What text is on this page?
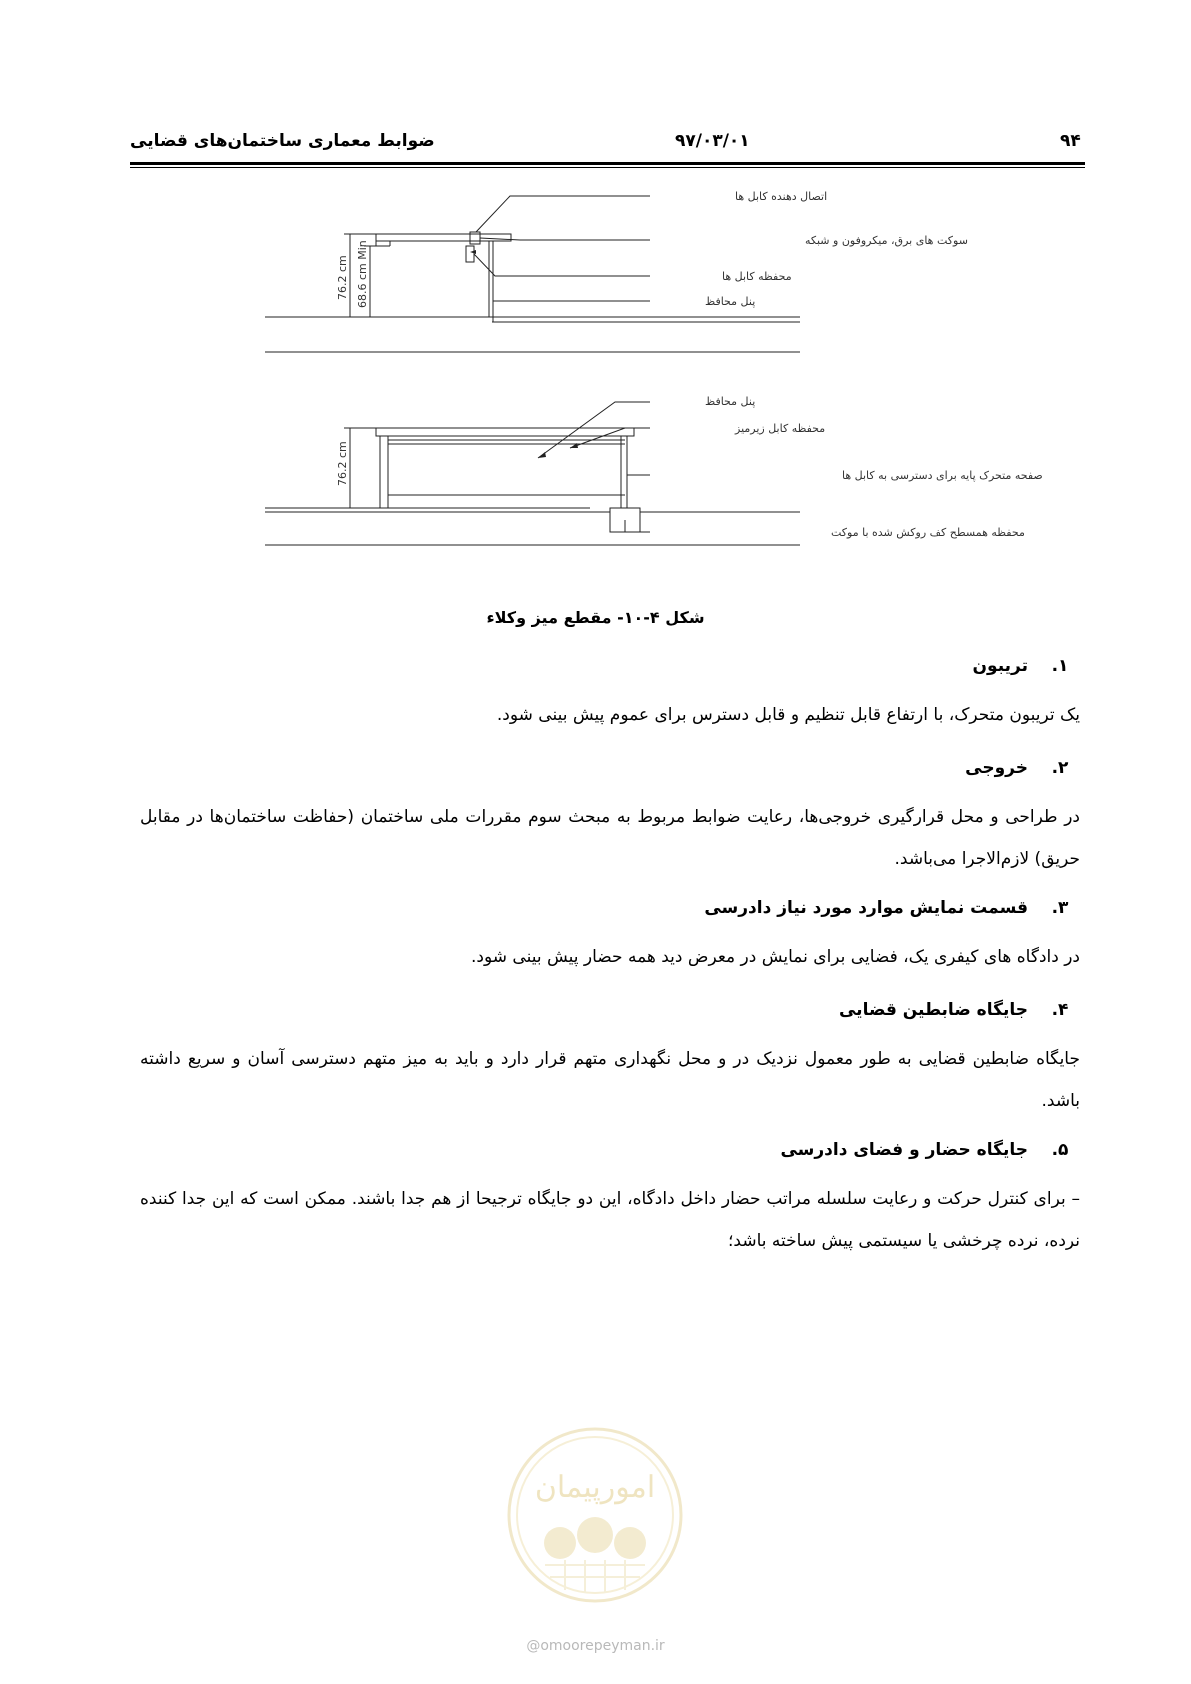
۹۴
۹۷/۰۳/۰۱
ضوابط معماری ساختمان‌های قضایی
اتصال دهنده کابل ها
سوکت های برق، میکروفون و شبکه
محفظه کابل ها
پنل محافظ
76.2 cm 68.6 cm Min
پنل محافظ
محفظه کابل زیرمیز
صفحه متحرک پایه برای دسترسی به کابل ها
محفظه همسطح کف روکش شده با موکت
76.2 cm
شکل ۴-۱۰- مقطع میز وکلاء
۱.تریبون
یک تریبون متحرک، با ارتفاع قابل تنظیم و قابل دسترس برای عموم پیش بینی شود.
۲.خروجی
در طراحی و محل قرارگیری خروجی‌ها، رعایت ضوابط مربوط به مبحث سوم مقررات ملی ساختمان (حفاظت ساختمان‌ها در مقابل حریق) لازم‌الاجرا می‌باشد.
۳.قسمت نمایش موارد مورد نیاز دادرسی
در دادگاه های کیفری یک، فضایی برای نمایش در معرض دید همه حضار پیش بینی شود.
۴.جایگاه ضابطین قضایی
جایگاه ضابطین قضایی به طور معمول نزدیک در و محل نگهداری متهم قرار دارد و باید به میز متهم دسترسی آسان و سریع داشته باشد.
۵.جایگاه حضار و فضای دادرسی
– برای کنترل حرکت و رعایت سلسله مراتب حضار داخل دادگاه، این دو جایگاه ترجیحا از هم جدا باشند. ممکن است که این جدا کننده نرده، نرده چرخشی یا سیستمی پیش ساخته باشد؛
امورپیمان
@omoorepeyman.ir
